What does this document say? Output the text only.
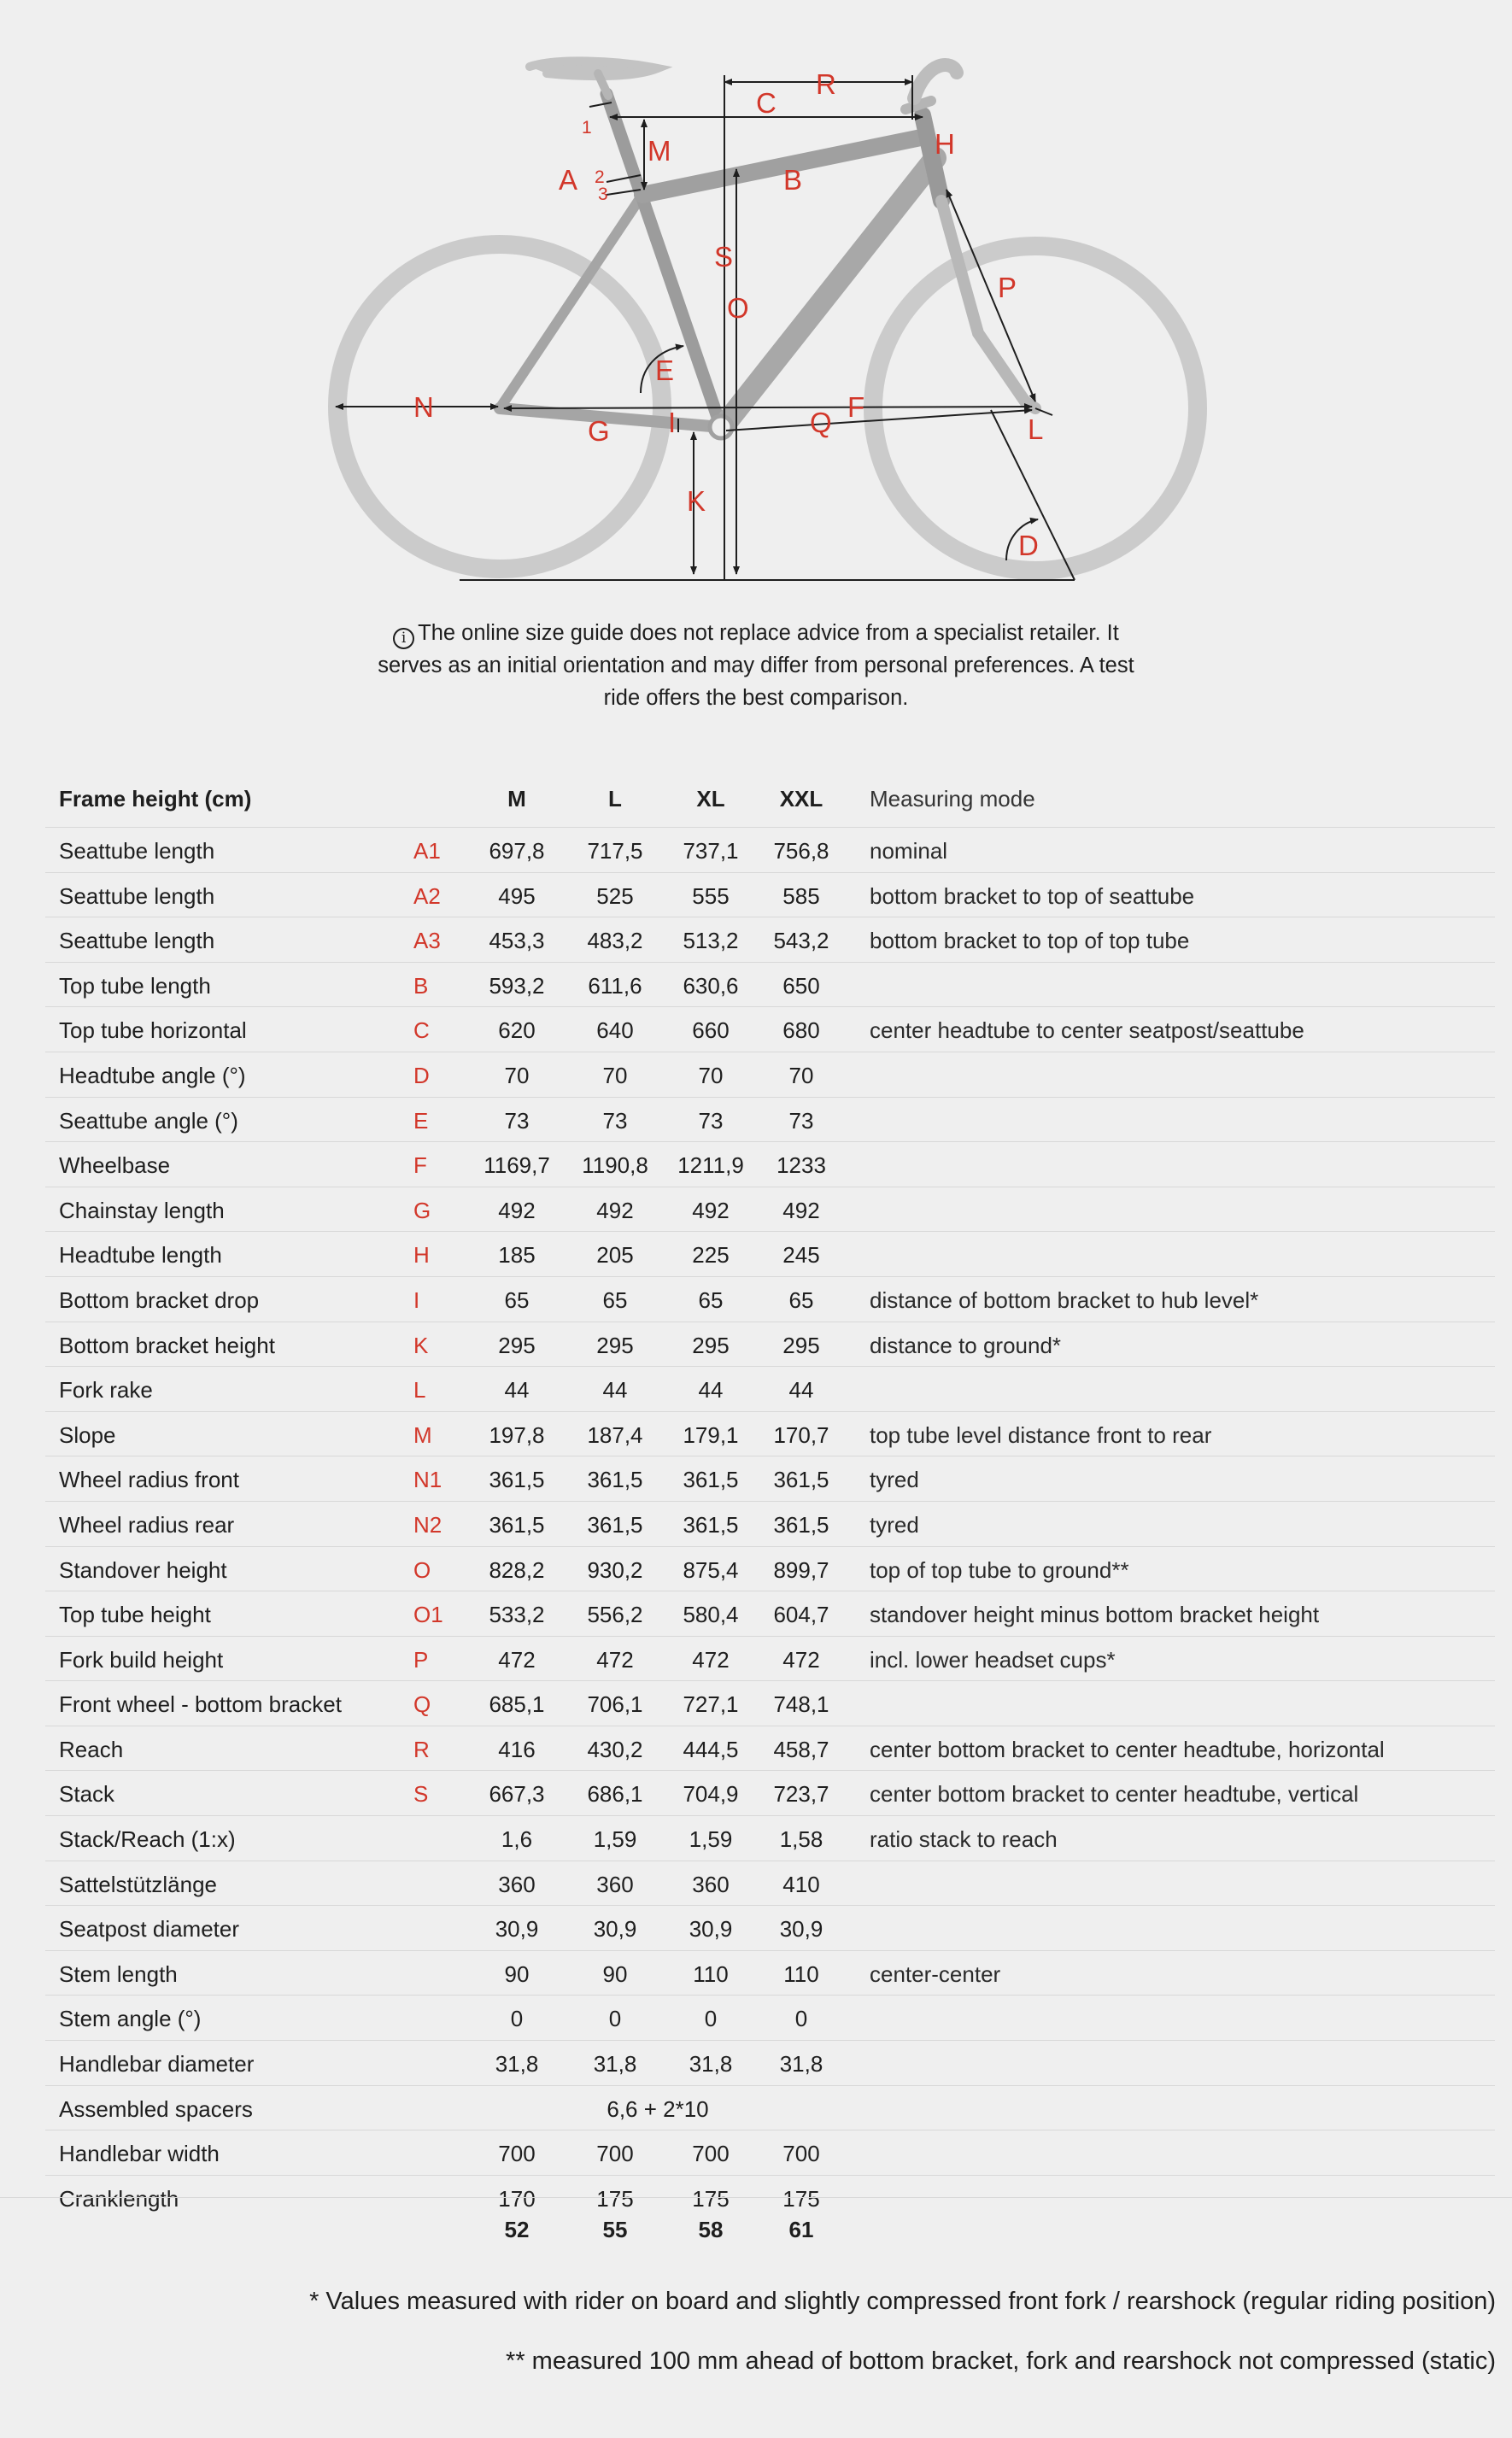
R
C
H
A
M
B
S
O
P
E
N	F
Q
G I	L
K
D
1
2
3
i The online size guide does not replace advice from a specialist retailer. It serves as an initial orientation and may differ from personal preferences. A test ride offers the best comparison.
Frame height (cm)	M	L	XL	XXL	Measuring mode
Seattube length	A1	697,8	717,5	737,1	756,8	nominal
Seattube length	A2	495	525	555	585	bottom bracket to top of seattube
Seattube length	A3	453,3	483,2	513,2	543,2	bottom bracket to top of top tube
Top tube length	B	593,2	611,6	630,6	650
Top tube horizontal	C	620	640	660	680	center headtube to center seatpost/seattube
Headtube angle (°)	D	70	70	70	70
Seattube angle (°)	E	73	73	73	73
Wheelbase	F	1169,7	1190,8	1211,9	1233
Chainstay length	G	492	492	492	492
Headtube length	H	185	205	225	245
Bottom bracket drop	I	65	65	65	65	distance of bottom bracket to hub level*
Bottom bracket height	K	295	295	295	295	distance to ground*
Fork rake	L	44	44	44	44
Slope	M	197,8	187,4	179,1	170,7	top tube level distance front to rear
Wheel radius front	N1	361,5	361,5	361,5	361,5	tyred
Wheel radius rear	N2	361,5	361,5	361,5	361,5	tyred
Standover height	O	828,2	930,2	875,4	899,7	top of top tube to ground**
Top tube height	O1	533,2	556,2	580,4	604,7	standover height minus bottom bracket height
Fork build height	P	472	472	472	472	incl. lower headset cups*
Front wheel - bottom bracket	Q	685,1	706,1	727,1	748,1
Reach	R	416	430,2	444,5	458,7	center bottom bracket to center headtube, horizontal
Stack	S	667,3	686,1	704,9	723,7	center bottom bracket to center headtube, vertical
Stack/Reach (1:x)	1,6	1,59	1,59	1,58	ratio stack to reach
Sattelstützlänge	360	360	360	410
Seatpost diameter	30,9	30,9	30,9	30,9
Stem length	90	90	110	110	center-center
Stem angle (°)	0	0	0	0
Handlebar diameter	31,8	31,8	31,8	31,8
Assembled spacers	6,6 + 2*10
Handlebar width	700	700	700	700
Cranklength	170	175	175	175
52	55	58	61
* Values measured with rider on board and slightly compressed front fork / rearshock (regular riding position)
** measured 100 mm ahead of bottom bracket, fork and rearshock not compressed (static)
